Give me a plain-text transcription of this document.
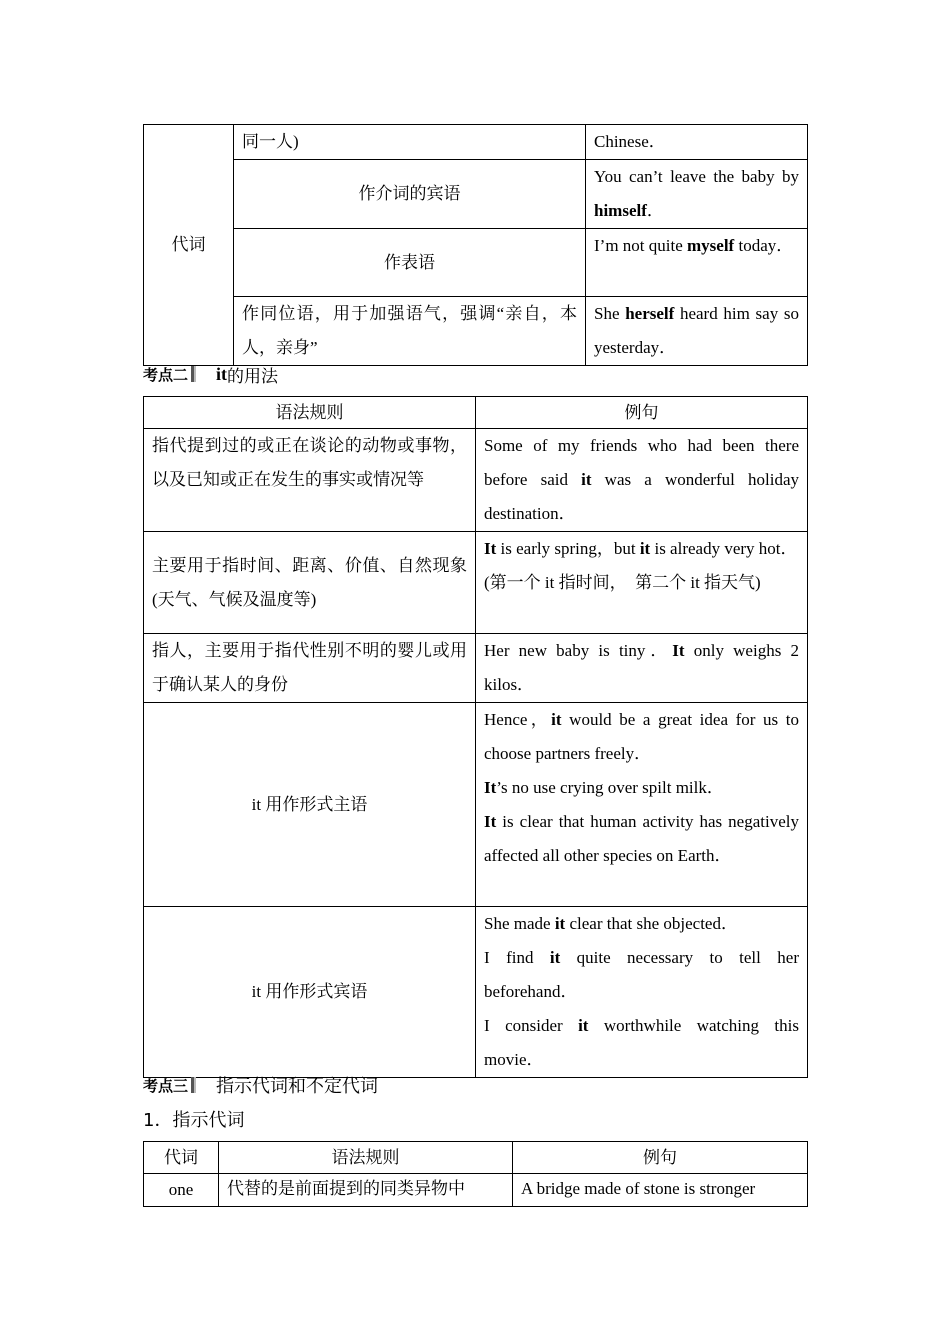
代词	同一人)	Chinese．
	作介词的宾语	You can’t leave the baby by himself．
	作表语	I’m not quite myself today．
	作同位语，用于加强语气，强调“亲自，本人，亲身”	She herself heard him say so yesterday．
考点二 it 的用法
语法规则	例句
指代提到过的或正在谈论的动物或事物，以及已知或正在发生的事实或情况等	Some of my friends who had been there before said it was a wonderful holiday destination．

主要用于指时间、距离、价值、自然现象(天气、气候及温度等)	It is early spring，but it is already very hot．

(第一个 it 指时间，　第二个 it 指天气)

指人，主要用于指代性别不明的婴儿或用于确认某人的身份	Her new baby is tiny．It only weighs 2 kilos．

it 用作形式主语	Hence，it would be a great idea for us to choose partners freely．

It’s no use crying over spilt milk．

It is clear that human activity has negatively affected all other species on Earth．

it 用作形式宾语	She made it clear that she objected．

I find it quite necessary to tell her beforehand．

I consider it worthwhile watching this movie．

考点三 指示代词和不定代词
1．指示代词
代词	语法规则	例句
one	代替的是前面提到的同类异物中	A bridge made of stone is stronger
